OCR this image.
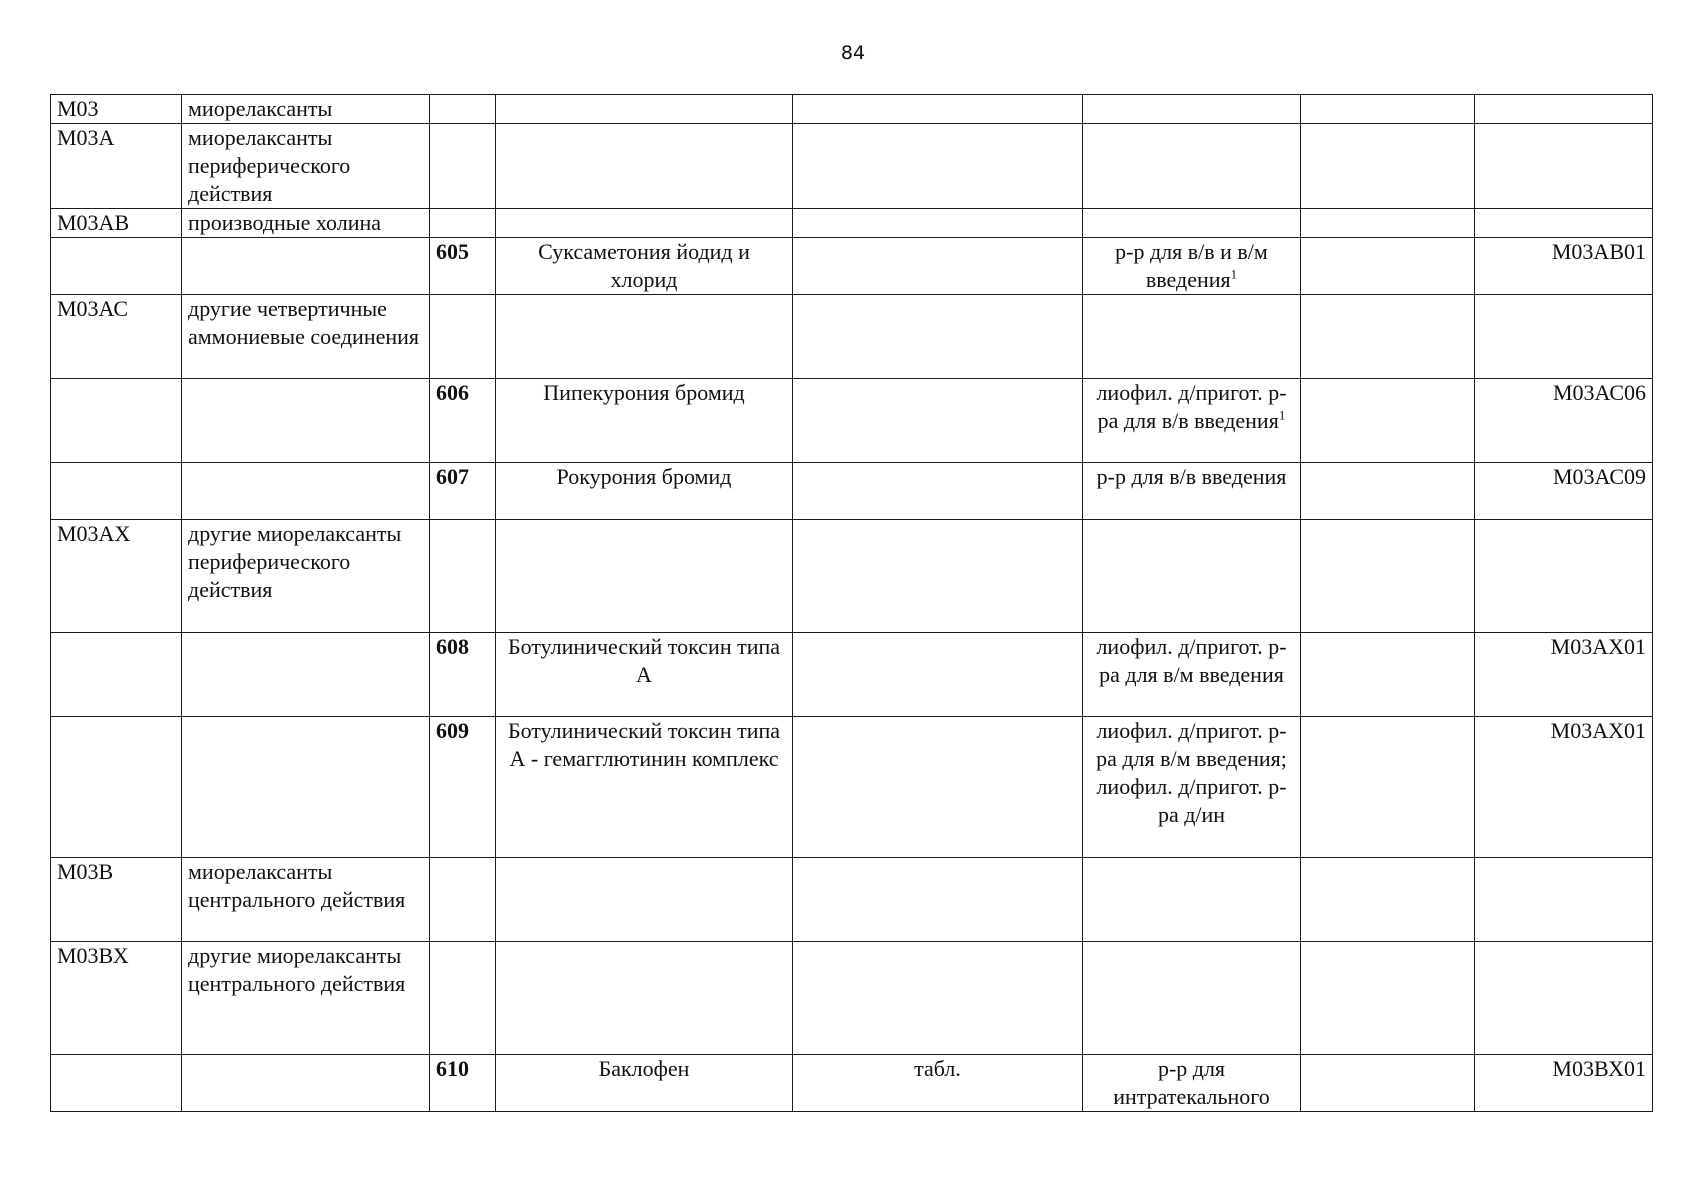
84
М03	миорелаксанты						
М03А	миорелаксанты периферического действия						
М03АВ	производные холина						
		605	Суксаметония йодид и хлорид		р-р для в/в и в/м введения$^1$		М03АВ01
М03АС	другие четвертичные аммониевые соединения						
		606	Пипекурония бромид		лиофил. д/пригот. р-ра для в/в введения$^1$		М03АС06
		607	Рокурония бромид		р-р для в/в введения		М03АС09
М03АХ	другие миорелаксанты периферического действия						
		608	Ботулинический токсин типа А		лиофил. д/пригот. р-ра для в/м введения		М03АХ01
		609	Ботулинический токсин типа А - гемагглютинин комплекс		лиофил. д/пригот. р-ра для в/м введения; лиофил. д/пригот. р-ра д/ин		М03АХ01
М03В	миорелаксанты центрального действия						
М03ВХ	другие миорелаксанты центрального действия						
		610	Баклофен	табл.	р-р для интратекального		М03ВХ01
